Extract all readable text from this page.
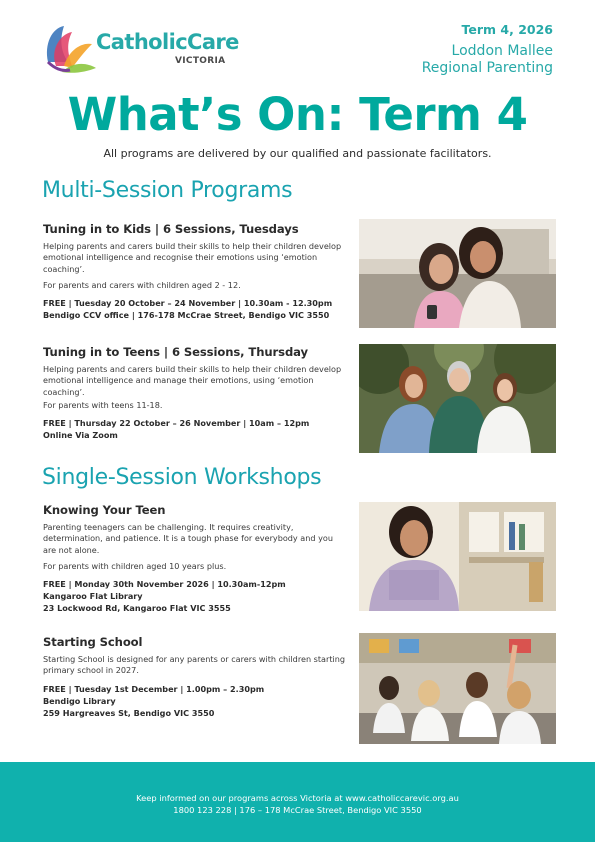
CatholicCare
VICTORIA
Term 4, 2026
Loddon Mallee
Regional Parenting
What’s On: Term 4
All programs are delivered by our qualified and passionate facilitators.
Multi-Session Programs
Tuning in to Kids | 6 Sessions, Tuesdays

Helping parents and carers build their skills to help their children develop emotional intelligence and recognise their emotions using ‘emotion coaching’.

For parents and carers with children aged 2 - 12.

FREE | Tuesday 20 October – 24 November | 10.30am - 12.30pm
Bendigo CCV office | 176-178 McCrae Street, Bendigo VIC 3550
Tuning in to Teens | 6 Sessions, Thursday

Helping parents and carers build their skills to help their children develop emotional intelligence and manage their emotions, using ‘emotion coaching’.

For parents with teens 11-18.

FREE | Thursday 22 October – 26 November | 10am – 12pm
Online Via Zoom
Single-Session Workshops
Knowing Your Teen

Parenting teenagers can be challenging. It requires creativity, determination, and patience. It is a tough phase for everybody and you are not alone.

For parents with children aged 10 years plus.

FREE | Monday 30th November 2026 | 10.30am-12pm
Kangaroo Flat Library
23 Lockwood Rd, Kangaroo Flat VIC 3555
Starting School

Starting School is designed for any parents or carers with children starting primary school in 2027.

FREE | Tuesday 1st December | 1.00pm – 2.30pm
Bendigo Library
259 Hargreaves St, Bendigo VIC 3550
Keep informed on our programs across Victoria at www.catholiccarevic.org.au
1800 123 228 | 176 – 178 McCrae Street, Bendigo VIC 3550
